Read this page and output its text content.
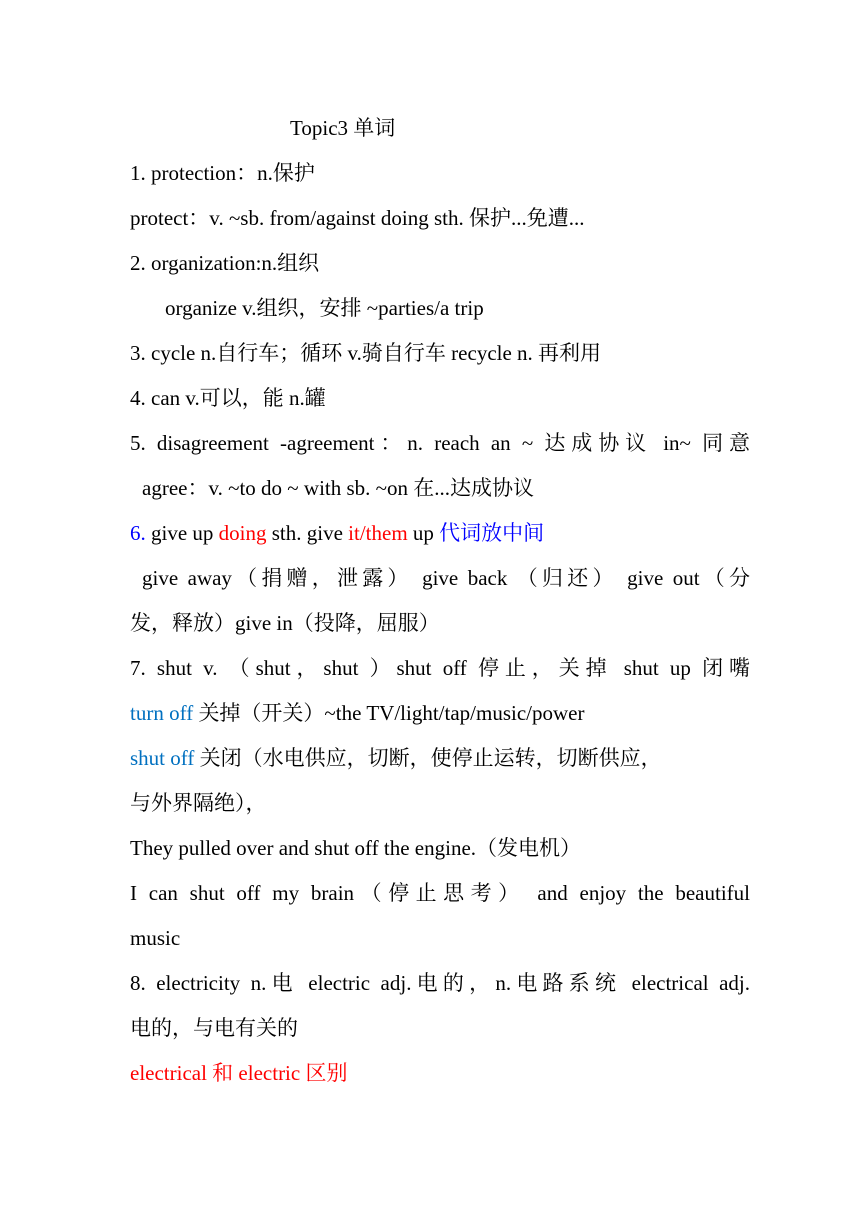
Topic3 单词
1. protection：n.保护
protect：v. ~sb. from/against doing sth. 保护...免遭...
2. organization:n.组织
organize v.组织，安排 ~parties/a trip
3. cycle n.自行车；循环 v.骑自行车 recycle n. 再利用
4. can v.可以，能 n.罐
5. disagreement -agreement：n. reach an ~ 达成协议 in~ 同意
agree：v. ~to do ~ with sb. ~on 在...达成协议
6. give up doing sth. give it/them up 代词放中间
give away（捐赠，泄露） give back （归还） give out（分
发，释放）give in（投降，屈服）
7. shut v. （shut，shut ）shut off 停止，关掉 shut up 闭嘴
turn off 关掉（开关）~the TV/light/tap/music/power
shut off 关闭（水电供应，切断，使停止运转，切断供应，
与外界隔绝），
They pulled over and shut off the engine.（发电机）
I can shut off my brain（停止思考） and enjoy the beautiful
music
8. electricity n.电 electric adj.电的，n.电路系统 electrical adj.
电的，与电有关的
electrical 和 electric 区别
